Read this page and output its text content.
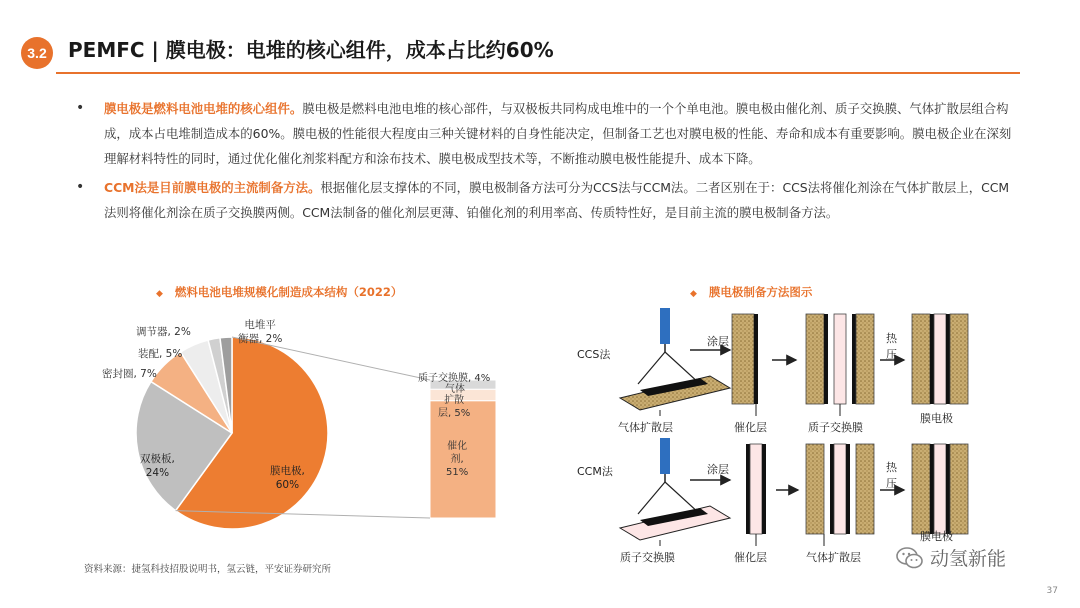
3.2	PEMFC | 膜电极：电堆的核心组件，成本占比约60%
• 膜电极是燃料电池电堆的核心组件。膜电极是燃料电池电堆的核心部件，与双极板共同构成电堆中的一个个单电池。膜电极由催化剂、质子交换膜、气体扩散层组合构成，成本占电堆制造成本的60%。膜电极的性能很大程度由三种关键材料的自身性能决定，但制备工艺也对膜电极的性能、寿命和成本有重要影响。膜电极企业在深刻理解材料特性的同时，通过优化催化剂浆料配方和涂布技术、膜电极成型技术等，不断推动膜电极性能提升、成本下降。
• CCM法是目前膜电极的主流制备方法。根据催化层支撑体的不同，膜电极制备方法可分为CCS法与CCM法。二者区别在于：CCS法将催化剂涂在气体扩散层上，CCM法则将催化剂涂在质子交换膜两侧。CCM法制备的催化剂层更薄、铂催化剂的利用率高、传质特性好，是目前主流的膜电极制备方法。
◆ 燃料电池电堆规模化制造成本结构（2022）
膜电极,
60%
双极板,
24%
密封圈, 7%
装配, 5%
调节器, 2%
电堆平
衡器, 2%
质子交换膜, 4%
气体
扩散
层, 5%
催化
剂,
51%
◆ 膜电极制备方法图示
CCS法
CCM法
涂层
涂层
热
压
热
压
气体扩散层	催化层	质子交换膜
膜电极
质子交换膜	催化层	气体扩散层
膜电极
资料来源：捷氢科技招股说明书，氢云链，平安证券研究所	动氢新能
37
